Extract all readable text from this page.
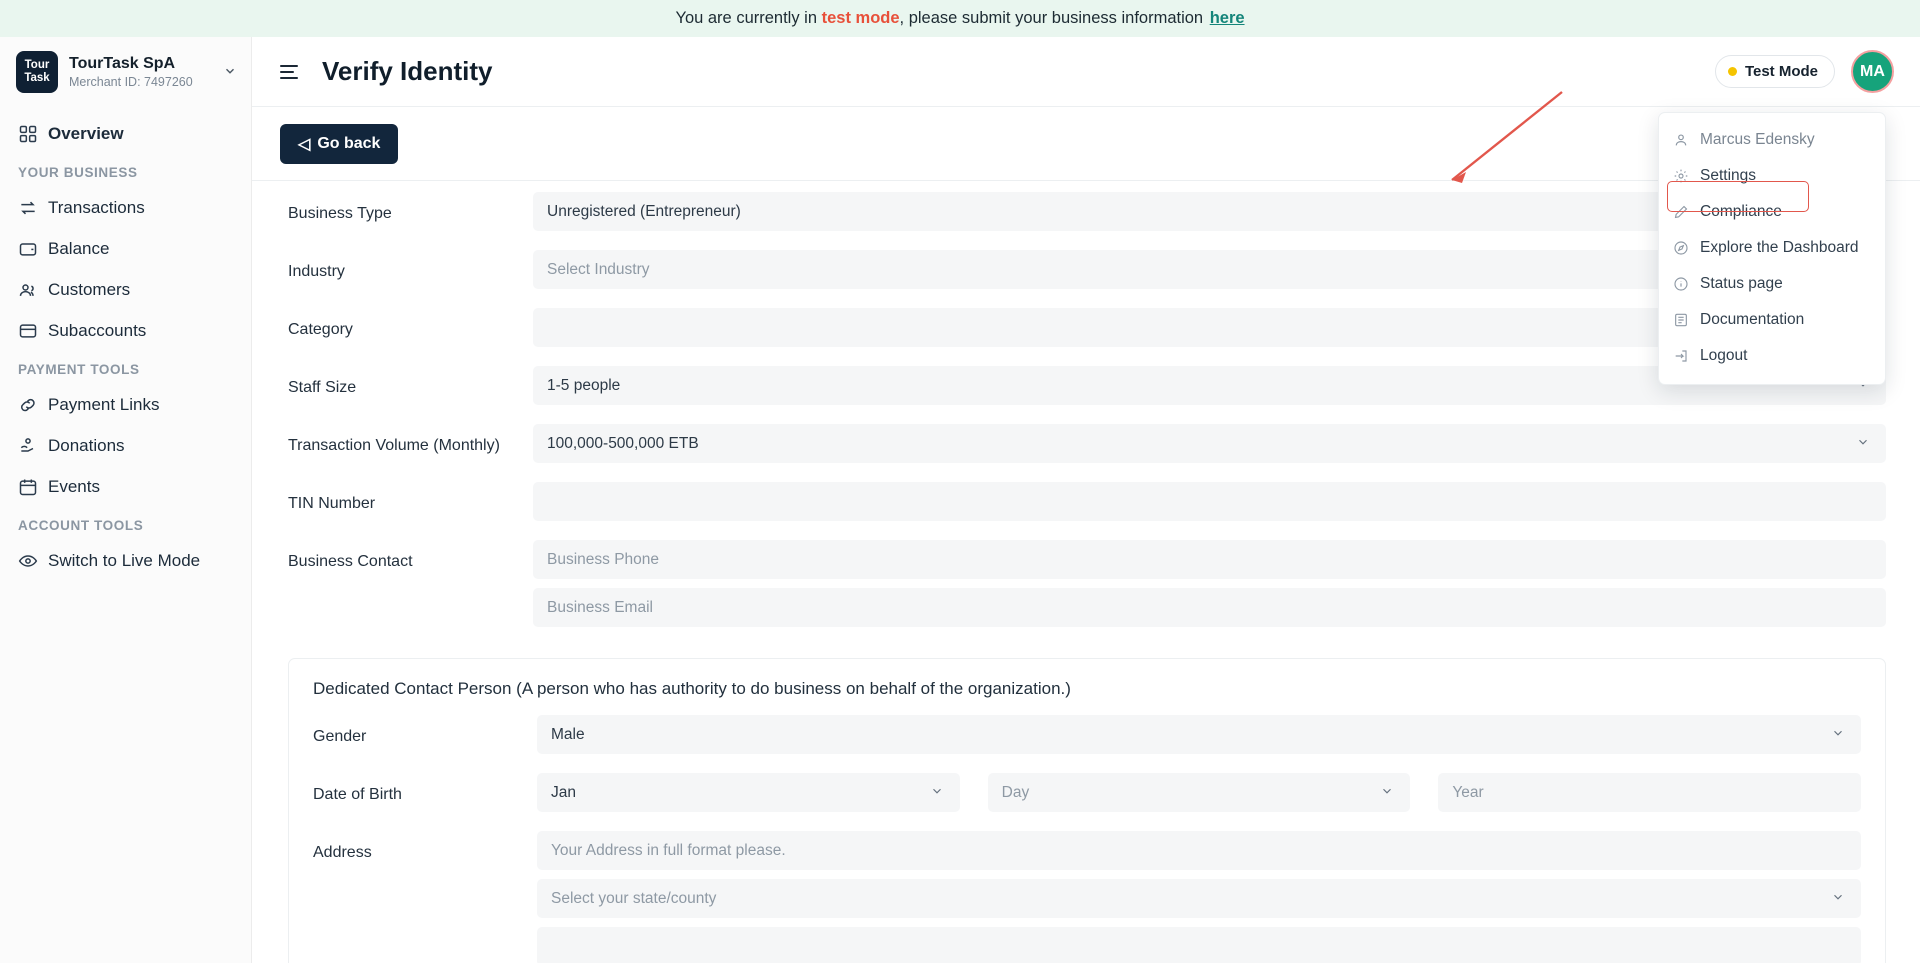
You are currently in test mode , please submit your business information here
Tour
Task
TourTask SpA
Merchant ID: 7497260
Overview
YOUR BUSINESS
Transactions
Balance
Customers
Subaccounts
PAYMENT TOOLS
Payment Links
Donations
Events
ACCOUNT TOOLS
Switch to Live Mode
Verify Identity	Test Mode	MA
Marcus Edensky
Settings
Compliance
Explore the Dashboard
Status page
Documentation
Logout
◁ Go back
Business Type	Unregistered (Entrepreneur)
Industry	Select Industry
Category
Staff Size	1-5 people
Transaction Volume (Monthly)	100,000-500,000 ETB
TIN Number
Business Contact	Business Phone
Business Email
Dedicated Contact Person (A person who has authority to do business on behalf of the organization.)
Gender	Male
Date of Birth	Jan	Day	Year
Address	Your Address in full format please.
Select your state/county
